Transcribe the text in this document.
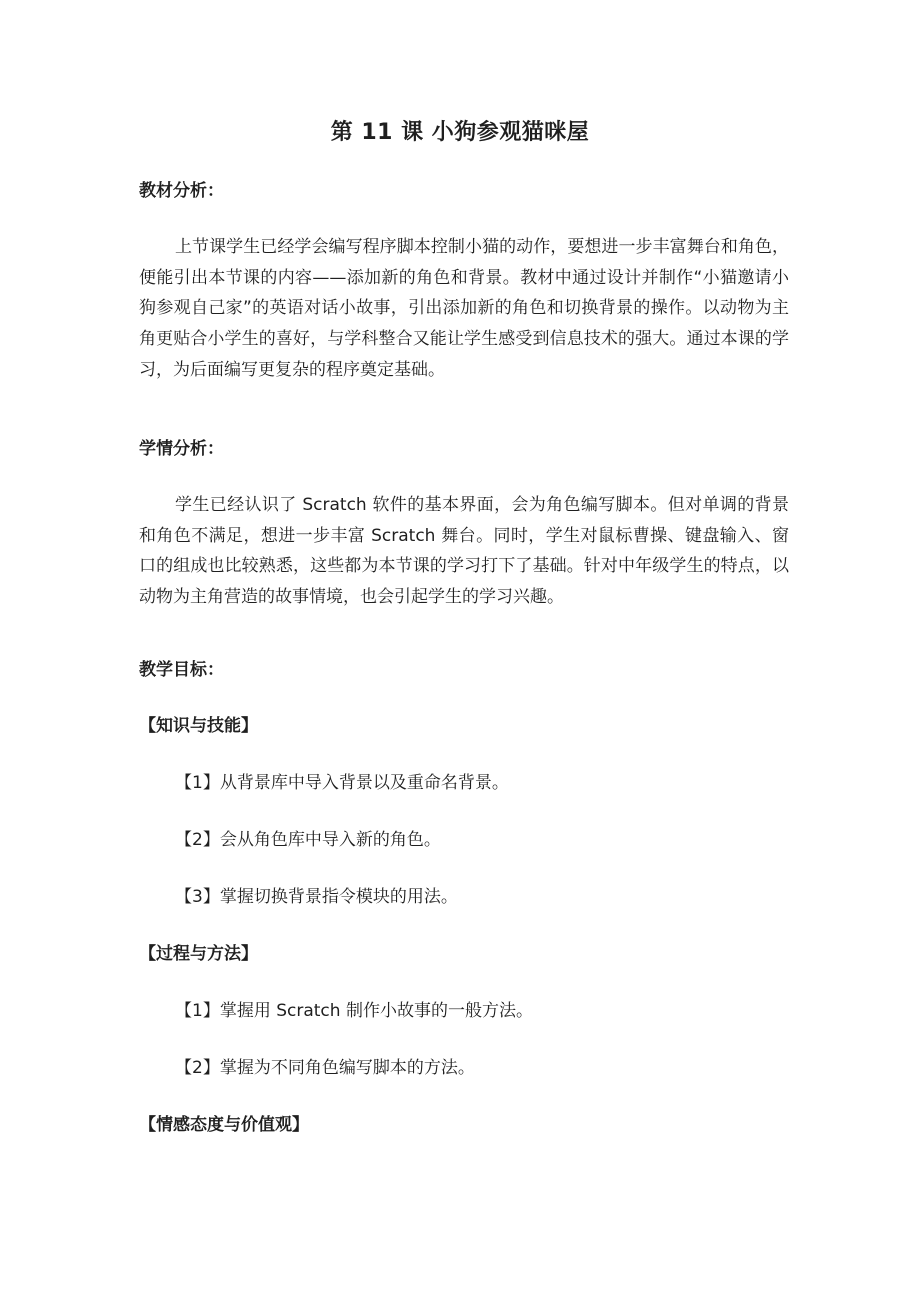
第 11 课 小狗参观猫咪屋
教材分析：
上节课学生已经学会编写程序脚本控制小猫的动作，要想进一步丰富舞台和角色，便能引出本节课的内容——添加新的角色和背景。教材中通过设计并制作“小猫邀请小狗参观自己家”的英语对话小故事，引出添加新的角色和切换背景的操作。以动物为主角更贴合小学生的喜好，与学科整合又能让学生感受到信息技术的强大。通过本课的学习，为后面编写更复杂的程序奠定基础。
学情分析：
学生已经认识了 Scratch 软件的基本界面，会为角色编写脚本。但对单调的背景和角色不满足，想进一步丰富 Scratch 舞台。同时，学生对鼠标曹操、键盘输入、窗口的组成也比较熟悉，这些都为本节课的学习打下了基础。针对中年级学生的特点，以动物为主角营造的故事情境，也会引起学生的学习兴趣。
教学目标：
【知识与技能】
【1】从背景库中导入背景以及重命名背景。
【2】会从角色库中导入新的角色。
【3】掌握切换背景指令模块的用法。
【过程与方法】
【1】掌握用 Scratch 制作小故事的一般方法。
【2】掌握为不同角色编写脚本的方法。
【情感态度与价值观】
